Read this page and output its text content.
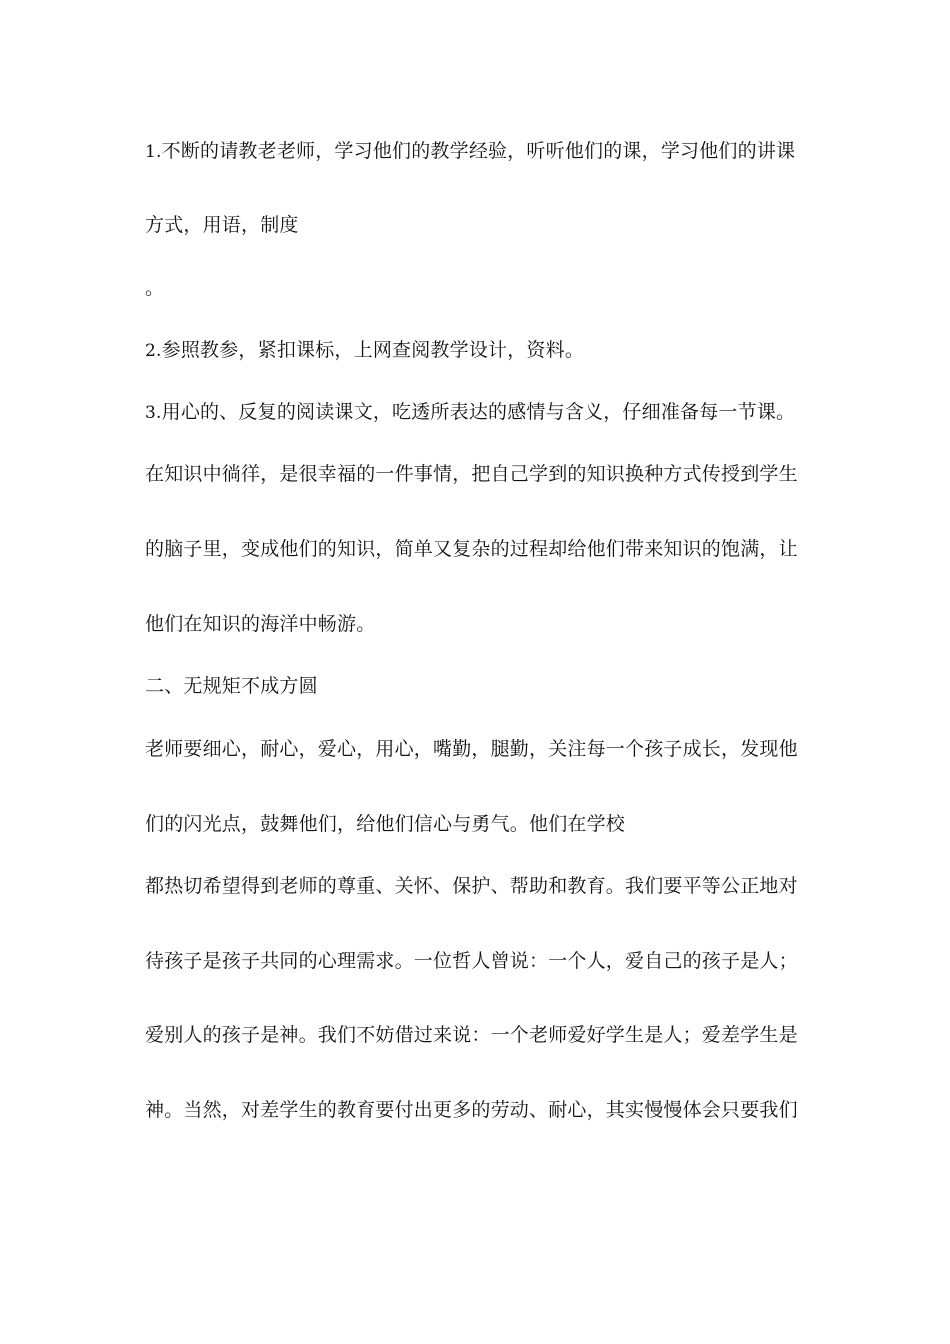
1.不断的请教老老师，学习他们的教学经验，听听他们的课，学习他们的讲课
方式，用语，制度
。
2.参照教参，紧扣课标，上网查阅教学设计，资料。
3.用心的、反复的阅读课文，吃透所表达的感情与含义，仔细准备每一节课。
在知识中徜徉，是很幸福的一件事情，把自己学到的知识换种方式传授到学生
的脑子里，变成他们的知识，简单又复杂的过程却给他们带来知识的饱满，让
他们在知识的海洋中畅游。
二、无规矩不成方圆
老师要细心，耐心，爱心，用心，嘴勤，腿勤，关注每一个孩子成长，发现他
们的闪光点，鼓舞他们，给他们信心与勇气。他们在学校
都热切希望得到老师的尊重、关怀、保护、帮助和教育。我们要平等公正地对
待孩子是孩子共同的心理需求。一位哲人曾说：一个人，爱自己的孩子是人；
爱别人的孩子是神。我们不妨借过来说：一个老师爱好学生是人；爱差学生是
神。当然，对差学生的教育要付出更多的劳动、耐心，其实慢慢体会只要我们
